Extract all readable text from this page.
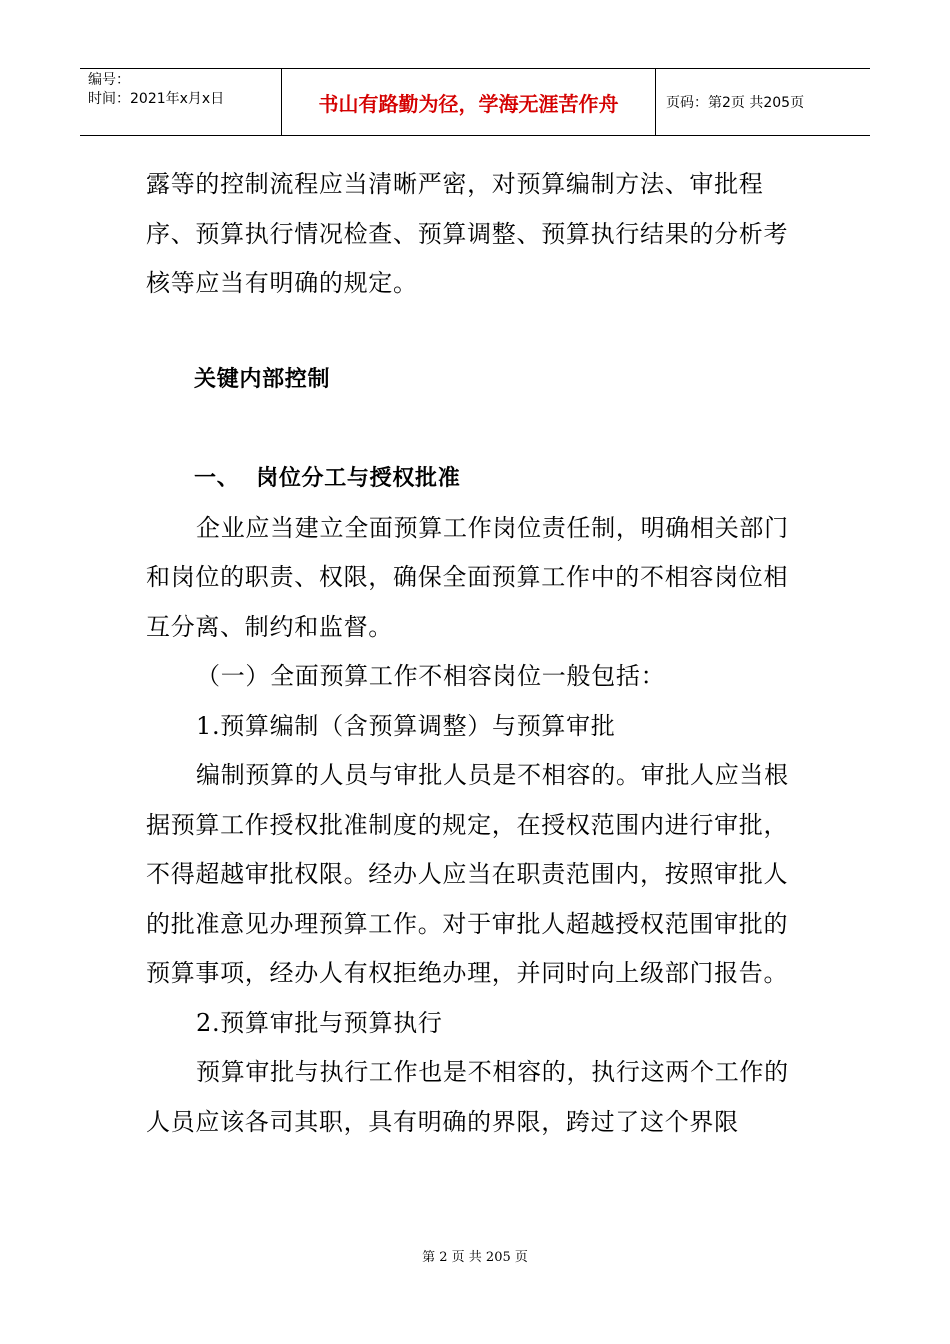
编号：
时间：2021年x月x日	书山有路勤为径，学海无涯苦作舟	页码：第2页 共205页

露等的控制流程应当清晰严密，对预算编制方法、审批程序、预算执行情况检查、预算调整、预算执行结果的分析考核等应当有明确的规定。

关键内部控制

一、  岗位分工与授权批准

企业应当建立全面预算工作岗位责任制，明确相关部门和岗位的职责、权限，确保全面预算工作中的不相容岗位相互分离、制约和监督。

（一）全面预算工作不相容岗位一般包括：

1.预算编制（含预算调整）与预算审批

编制预算的人员与审批人员是不相容的。审批人应当根据预算工作授权批准制度的规定，在授权范围内进行审批，不得超越审批权限。经办人应当在职责范围内，按照审批人的批准意见办理预算工作。对于审批人超越授权范围审批的预算事项，经办人有权拒绝办理，并同时向上级部门报告。

2.预算审批与预算执行

预算审批与执行工作也是不相容的，执行这两个工作的人员应该各司其职，具有明确的界限，跨过了这个界限

第 2 页 共 205 页
